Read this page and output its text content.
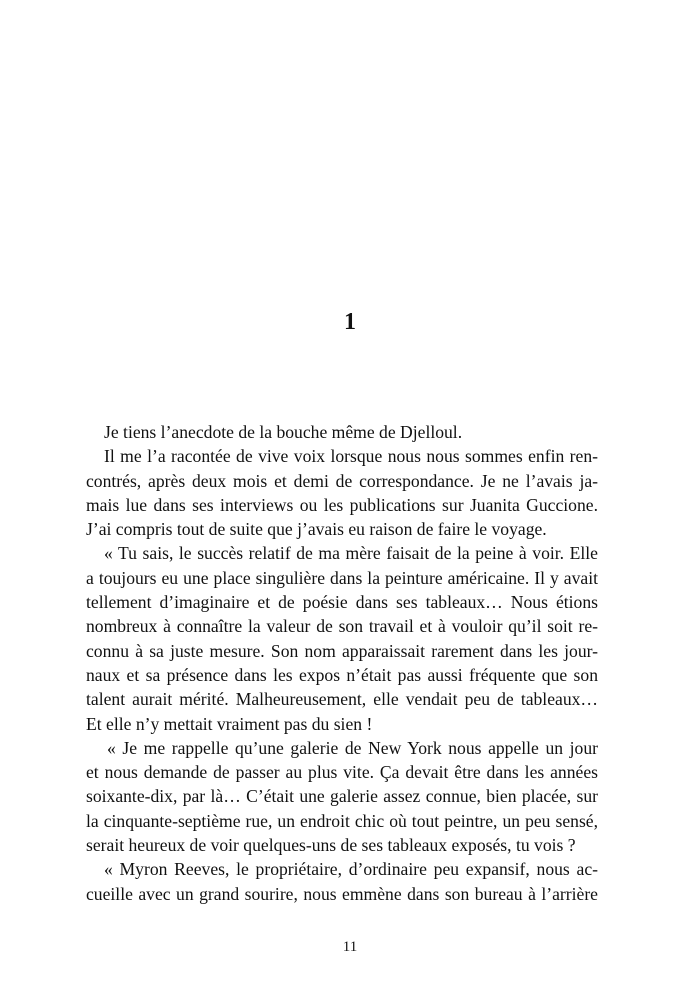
1
Je tiens l’anecdote de la bouche même de Djelloul.
Il me l’a racontée de vive voix lorsque nous nous sommes enfin ren-
contrés, après deux mois et demi de correspondance. Je ne l’avais ja-
mais lue dans ses interviews ou les publications sur Juanita Guccione.
J’ai compris tout de suite que j’avais eu raison de faire le voyage.
« Tu sais, le succès relatif de ma mère faisait de la peine à voir. Elle
a toujours eu une place singulière dans la peinture américaine. Il y avait
tellement d’imaginaire et de poésie dans ses tableaux… Nous étions
nombreux à connaître la valeur de son travail et à vouloir qu’il soit re-
connu à sa juste mesure. Son nom apparaissait rarement dans les jour-
naux et sa présence dans les expos n’était pas aussi fréquente que son
talent aurait mérité. Malheureusement, elle vendait peu de tableaux…
Et elle n’y mettait vraiment pas du sien !
« Je me rappelle qu’une galerie de New York nous appelle un jour
et nous demande de passer au plus vite. Ça devait être dans les années
soixante-dix, par là… C’était une galerie assez connue, bien placée, sur
la cinquante-septième rue, un endroit chic où tout peintre, un peu sensé,
serait heureux de voir quelques-uns de ses tableaux exposés, tu vois ?
« Myron Reeves, le propriétaire, d’ordinaire peu expansif, nous ac-
cueille avec un grand sourire, nous emmène dans son bureau à l’arrière
11
